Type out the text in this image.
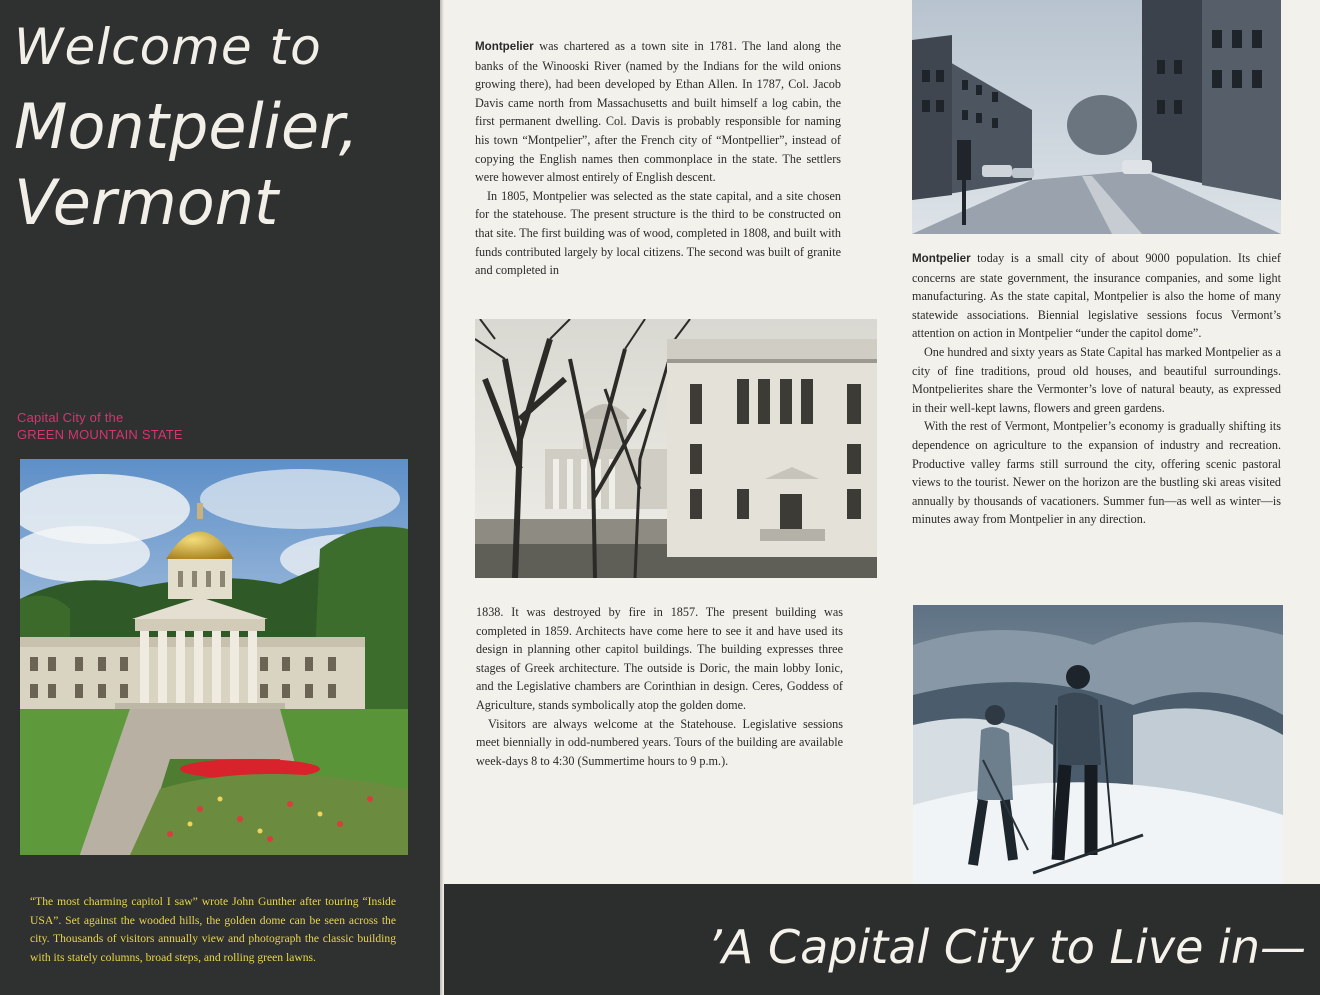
Welcome to
Montpelier,
Vermont
Capital City of the
GREEN MOUNTAIN STATE
“The most charming capitol I saw” wrote John Gunther after touring “Inside USA”. Set against the wooded hills, the golden dome can be seen across the city. Thousands of visitors annually view and photograph the classic building with its stately columns, broad steps, and rolling green lawns.

Montpelier was chartered as a town site in 1781. The land along the banks of the Winooski River (named by the Indians for the wild onions growing there), had been developed by Ethan Allen. In 1787, Col. Jacob Davis came north from Massachusetts and built himself a log cabin, the first permanent dwelling. Col. Davis is probably responsible for naming his town “Montpelier”, after the French city of “Montpellier”, instead of copying the English names then commonplace in the state. The settlers were however almost entirely of English descent.

In 1805, Montpelier was selected as the state capital, and a site chosen for the statehouse. The present structure is the third to be constructed on that site. The first building was of wood, completed in 1808, and built with funds contributed largely by local citizens. The second was built of granite and completed in

1838. It was destroyed by fire in 1857. The present building was completed in 1859. Architects have come here to see it and have used its design in planning other capitol buildings. The building expresses three stages of Greek architecture. The outside is Doric, the main lobby Ionic, and the Legislative chambers are Corinthian in design. Ceres, Goddess of Agriculture, stands symbolically atop the golden dome.

Visitors are always welcome at the Statehouse. Legislative sessions meet biennially in odd-numbered years. Tours of the building are available week-days 8 to 4:30 (Summertime hours to 9 p.m.).

Montpelier today is a small city of about 9000 population. Its chief concerns are state government, the insurance companies, and some light manufacturing. As the state capital, Montpelier is also the home of many statewide associations. Biennial legislative sessions focus Vermont’s attention on action in Montpelier “under the capitol dome”.

One hundred and sixty years as State Capital has marked Montpelier as a city of fine traditions, proud old houses, and beautiful surroundings. Montpelierites share the Vermonter’s love of natural beauty, as expressed in their well-kept lawns, flowers and green gardens.

With the rest of Vermont, Montpelier’s economy is gradually shifting its dependence on agriculture to the expansion of industry and recreation. Productive valley farms still surround the city, offering scenic pastoral views to the tourist. Newer on the horizon are the bustling ski areas visited annually by thousands of vacationers. Summer fun—as well as winter—is minutes away from Montpelier in any direction.

’A Capital City to Live in—
